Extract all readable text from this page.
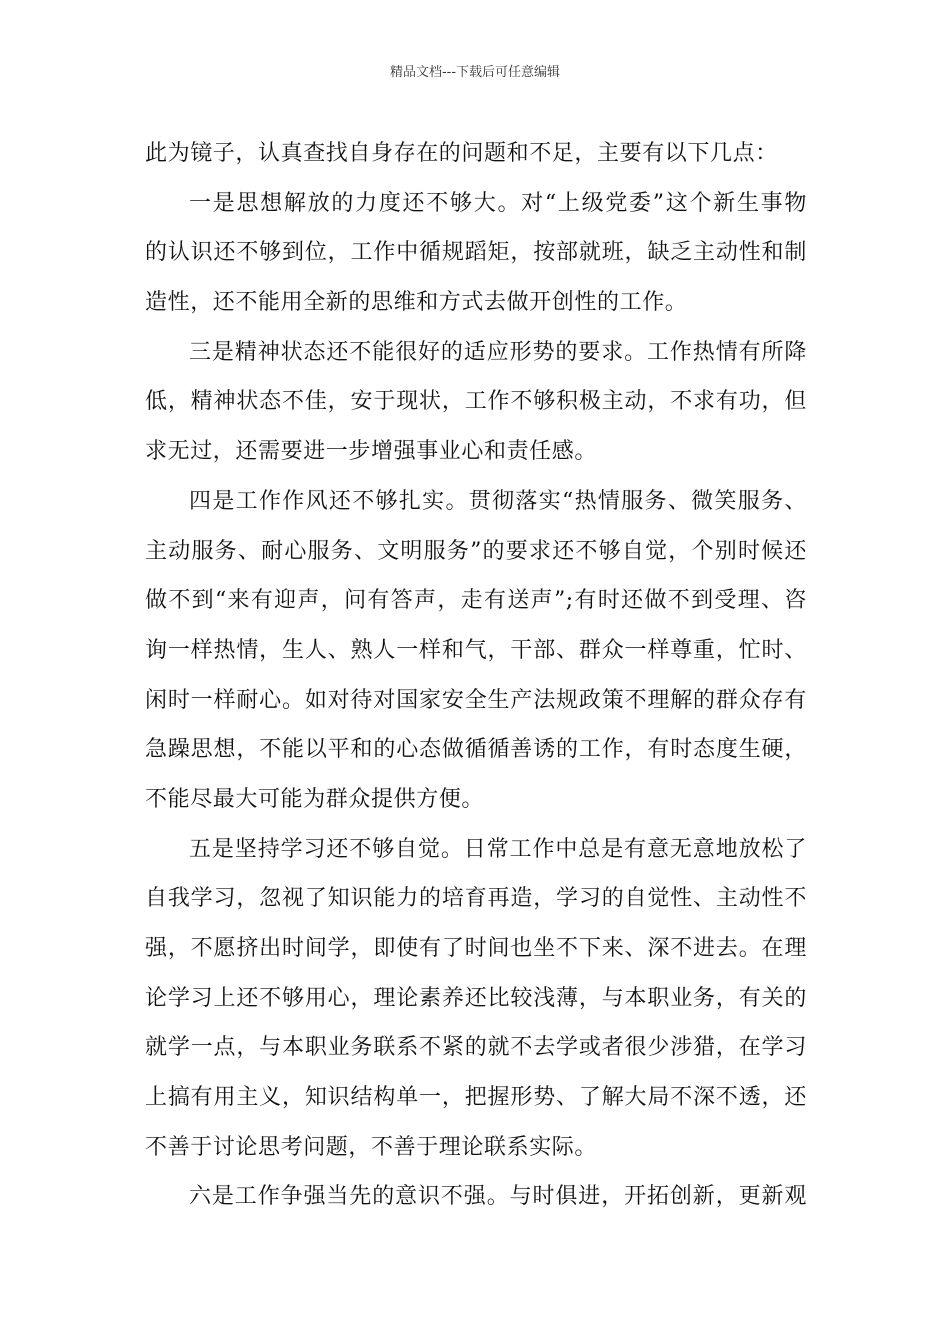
精品文档---下载后可任意编辑
此为镜子，认真查找自身存在的问题和不足，主要有以下几点：
一是思想解放的力度还不够大。对“上级党委”这个新生事物
的认识还不够到位，工作中循规蹈矩，按部就班，缺乏主动性和制
造性，还不能用全新的思维和方式去做开创性的工作。
三是精神状态还不能很好的适应形势的要求。工作热情有所降
低，精神状态不佳，安于现状，工作不够积极主动，不求有功，但
求无过，还需要进一步增强事业心和责任感。
四是工作作风还不够扎实。贯彻落实“热情服务、微笑服务、
主动服务、耐心服务、文明服务”的要求还不够自觉，个别时候还
做不到“来有迎声，问有答声，走有送声”;有时还做不到受理、咨
询一样热情，生人、熟人一样和气，干部、群众一样尊重，忙时、
闲时一样耐心。如对待对国家安全生产法规政策不理解的群众存有
急躁思想，不能以平和的心态做循循善诱的工作，有时态度生硬，
不能尽最大可能为群众提供方便。
五是坚持学习还不够自觉。日常工作中总是有意无意地放松了
自我学习，忽视了知识能力的培育再造，学习的自觉性、主动性不
强，不愿挤出时间学，即使有了时间也坐不下来、深不进去。在理
论学习上还不够用心，理论素养还比较浅薄，与本职业务，有关的
就学一点，与本职业务联系不紧的就不去学或者很少涉猎，在学习
上搞有用主义，知识结构单一，把握形势、了解大局不深不透，还
不善于讨论思考问题，不善于理论联系实际。
六是工作争强当先的意识不强。与时俱进，开拓创新，更新观
